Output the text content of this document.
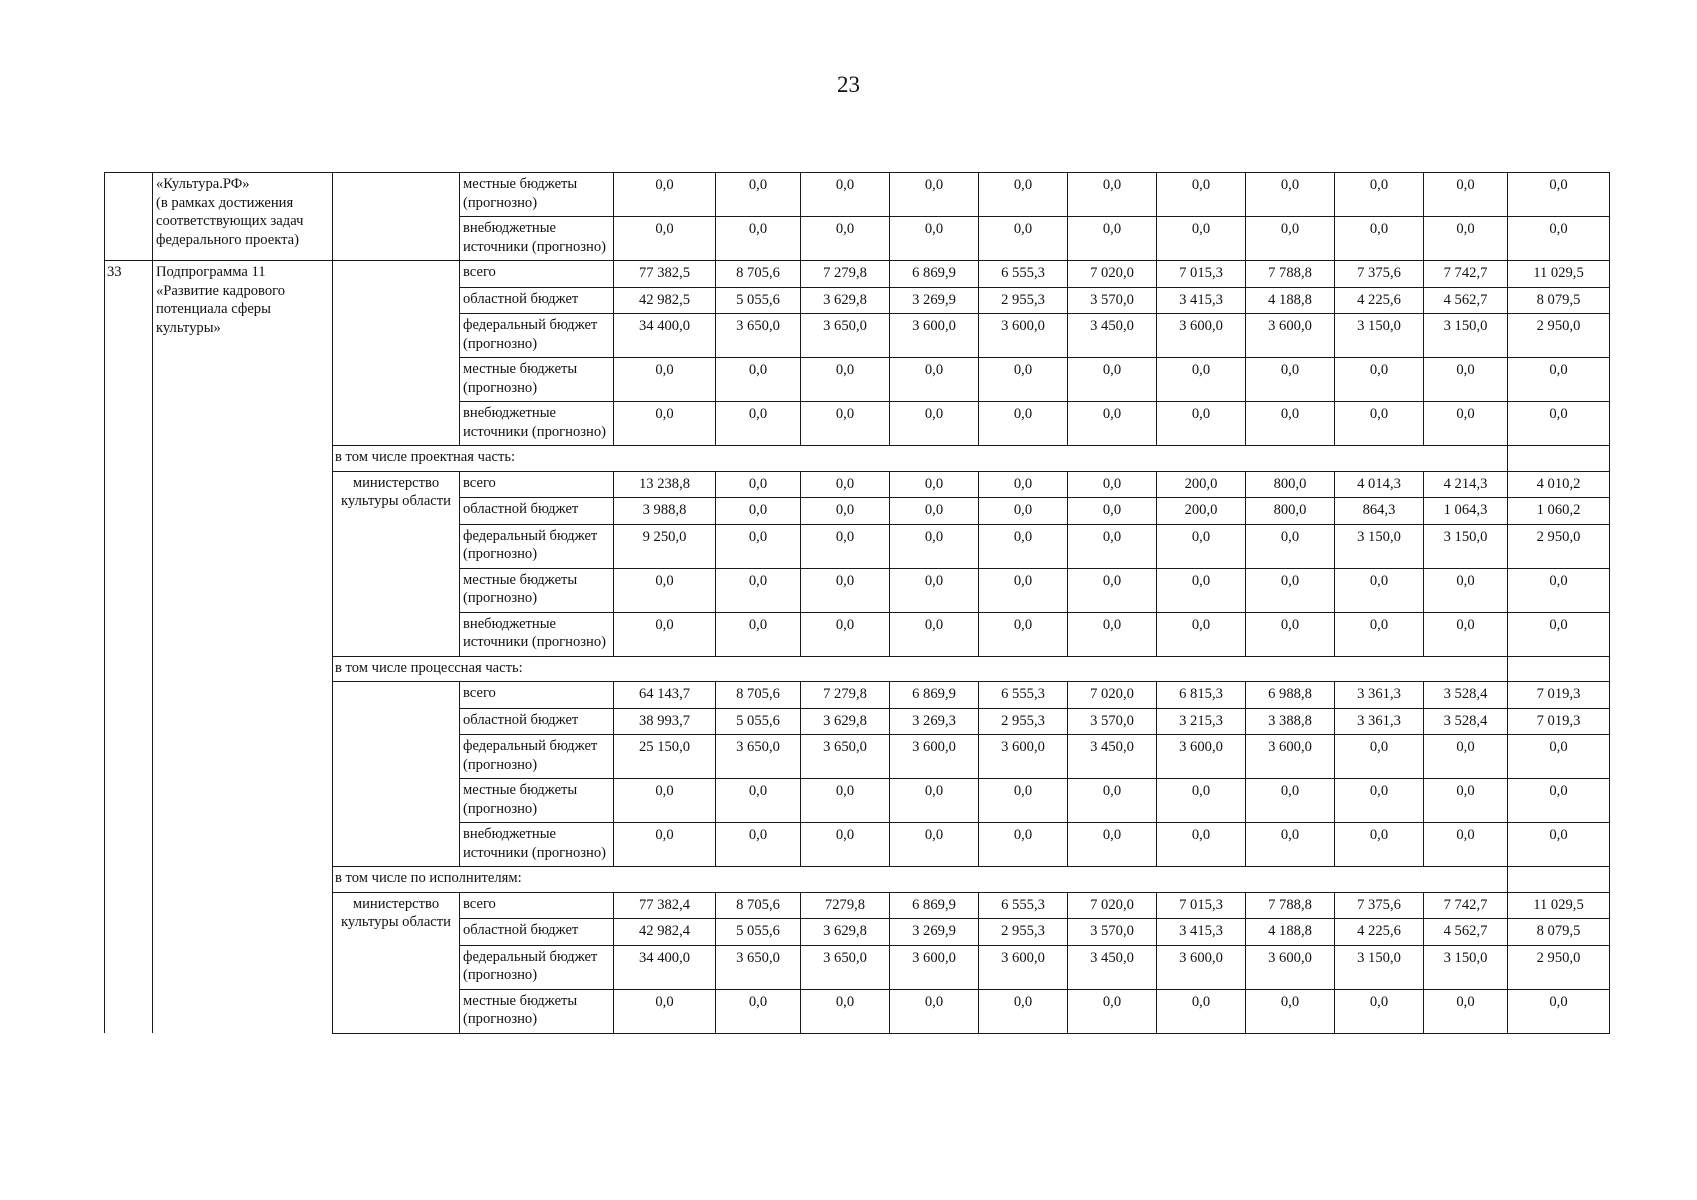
23
	«Культура.РФ»
(в рамках достижения соответствующих задач федерального проекта)		местные бюджеты (прогнозно)	0,0	0,0	0,0	0,0	0,0	0,0	0,0	0,0	0,0	0,0	0,0
			внебюджетные источники (прогнозно)	0,0	0,0	0,0	0,0	0,0	0,0	0,0	0,0	0,0	0,0	0,0
33	Подпрограмма 11 «Развитие кадрового потенциала сферы культуры»		всего	77 382,5	8 705,6	7 279,8	6 869,9	6 555,3	7 020,0	7 015,3	7 788,8	7 375,6	7 742,7	11 029,5
			областной бюджет	42 982,5	5 055,6	3 629,8	3 269,9	2 955,3	3 570,0	3 415,3	4 188,8	4 225,6	4 562,7	8 079,5
			федеральный бюджет (прогнозно)	34 400,0	3 650,0	3 650,0	3 600,0	3 600,0	3 450,0	3 600,0	3 600,0	3 150,0	3 150,0	2 950,0
			местные бюджеты (прогнозно)	0,0	0,0	0,0	0,0	0,0	0,0	0,0	0,0	0,0	0,0	0,0
			внебюджетные источники (прогнозно)	0,0	0,0	0,0	0,0	0,0	0,0	0,0	0,0	0,0	0,0	0,0
		в том числе проектная часть:												
		министерство культуры области	всего	13 238,8	0,0	0,0	0,0	0,0	0,0	200,0	800,0	4 014,3	4 214,3	4 010,2
			областной бюджет	3 988,8	0,0	0,0	0,0	0,0	0,0	200,0	800,0	864,3	1 064,3	1 060,2
			федеральный бюджет (прогнозно)	9 250,0	0,0	0,0	0,0	0,0	0,0	0,0	0,0	3 150,0	3 150,0	2 950,0
			местные бюджеты (прогнозно)	0,0	0,0	0,0	0,0	0,0	0,0	0,0	0,0	0,0	0,0	0,0
			внебюджетные источники (прогнозно)	0,0	0,0	0,0	0,0	0,0	0,0	0,0	0,0	0,0	0,0	0,0
		в том числе процессная часть:												
			всего	64 143,7	8 705,6	7 279,8	6 869,9	6 555,3	7 020,0	6 815,3	6 988,8	3 361,3	3 528,4	7 019,3
			областной бюджет	38 993,7	5 055,6	3 629,8	3 269,3	2 955,3	3 570,0	3 215,3	3 388,8	3 361,3	3 528,4	7 019,3
			федеральный бюджет (прогнозно)	25 150,0	3 650,0	3 650,0	3 600,0	3 600,0	3 450,0	3 600,0	3 600,0	0,0	0,0	0,0
			местные бюджеты (прогнозно)	0,0	0,0	0,0	0,0	0,0	0,0	0,0	0,0	0,0	0,0	0,0
			внебюджетные источники (прогнозно)	0,0	0,0	0,0	0,0	0,0	0,0	0,0	0,0	0,0	0,0	0,0
		в том числе по исполнителям:												
		министерство культуры области	всего	77 382,4	8 705,6	7279,8	6 869,9	6 555,3	7 020,0	7 015,3	7 788,8	7 375,6	7 742,7	11 029,5
			областной бюджет	42 982,4	5 055,6	3 629,8	3 269,9	2 955,3	3 570,0	3 415,3	4 188,8	4 225,6	4 562,7	8 079,5
			федеральный бюджет (прогнозно)	34 400,0	3 650,0	3 650,0	3 600,0	3 600,0	3 450,0	3 600,0	3 600,0	3 150,0	3 150,0	2 950,0
			местные бюджеты (прогнозно)	0,0	0,0	0,0	0,0	0,0	0,0	0,0	0,0	0,0	0,0	0,0
